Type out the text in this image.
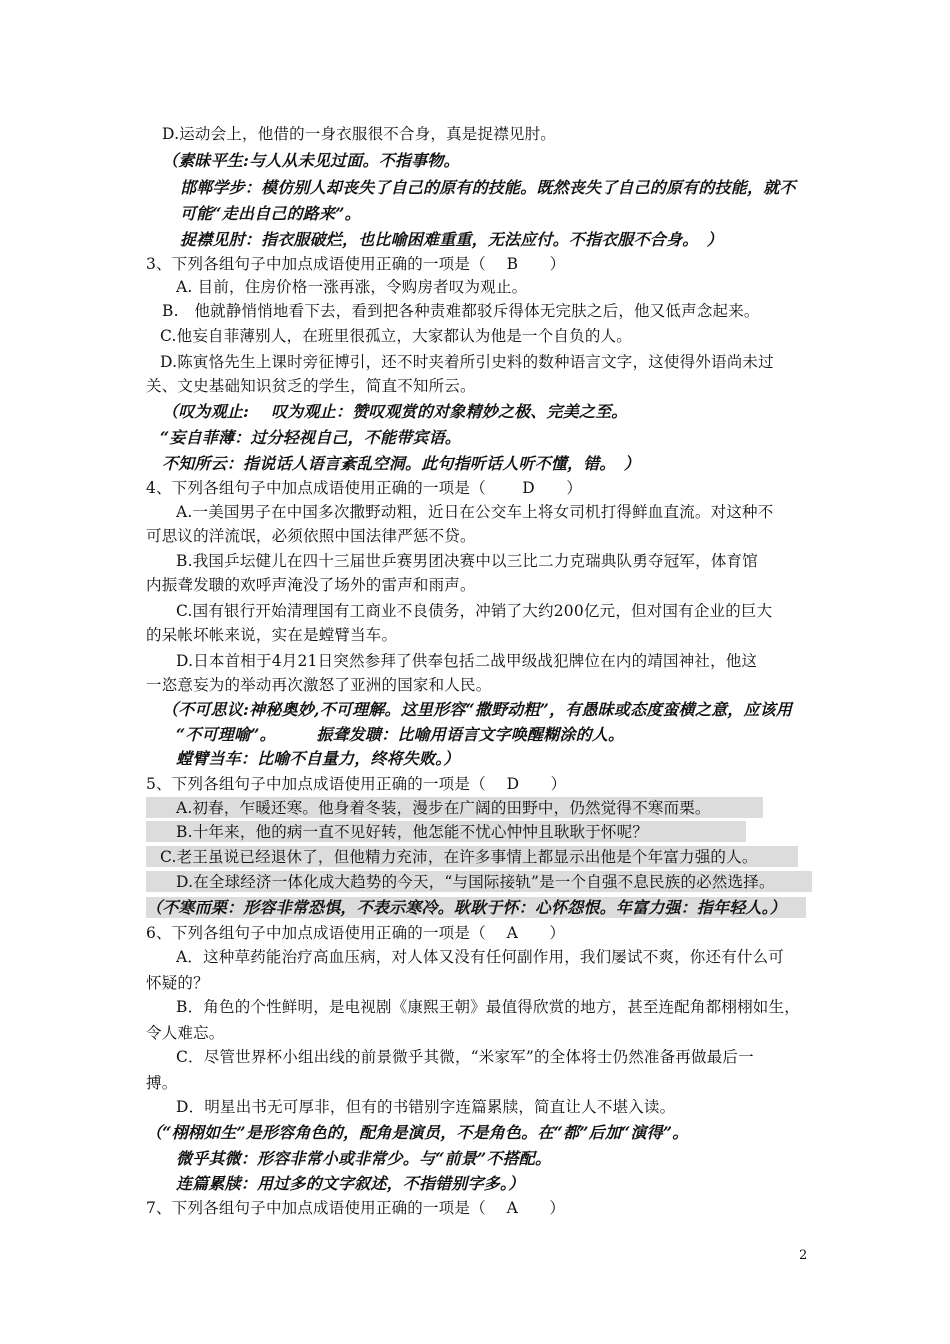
D.运动会上，他借的一身衣服很不合身，真是捉襟见肘。
（素昧平生:与人从未见过面。不指事物。
邯郸学步：模仿别人却丧失了自己的原有的技能。既然丧失了自己的原有的技能，就不
可能“走出自己的路来”。
捉襟见肘：指衣服破烂，也比喻困难重重，无法应付。不指衣服不合身。　）
3、下列各组句子中加点成语使用正确的一项是（　 B　　）
A. 目前，住房价格一涨再涨，令购房者叹为观止。
B.　他就静悄悄地看下去，看到把各种责难都驳斥得体无完肤之后，他又低声念起来。
C.他妄自菲薄别人，在班里很孤立，大家都认为他是一个自负的人。
D.陈寅恪先生上课时旁征博引，还不时夹着所引史料的数种语言文字，这使得外语尚未过
关、文史基础知识贫乏的学生，简直不知所云。
（叹为观止:　 叹为观止：赞叹观赏的对象精妙之极、完美之至。
“妄自菲薄：过分轻视自己，不能带宾语。
不知所云：指说话人语言紊乱空洞。此句指听话人听不懂，错。　）
4、下列各组句子中加点成语使用正确的一项是（　　 D　　）
A.一美国男子在中国多次撒野动粗，近日在公交车上将女司机打得鲜血直流。对这种不
可思议的洋流氓，必须依照中国法律严惩不贷。
B.我国乒坛健儿在四十三届世乒赛男团决赛中以三比二力克瑞典队勇夺冠军，体育馆
内振聋发聩的欢呼声淹没了场外的雷声和雨声。
C.国有银行开始清理国有工商业不良债务，冲销了大约200亿元，但对国有企业的巨大
的呆帐坏帐来说，实在是螳臂当车。
D.日本首相于4月21日突然参拜了供奉包括二战甲级战犯牌位在内的靖国神社，他这
一恣意妄为的举动再次激怒了亚洲的国家和人民。
（不可思议:神秘奥妙,不可理解。这里形容“撒野动粗”，有愚昧或态度蛮横之意，应该用
“不可理喻”。　　　振聋发聩：比喻用语言文字唤醒糊涂的人。
螳臂当车：比喻不自量力，终将失败。）
5、下列各组句子中加点成语使用正确的一项是（　 D　　）
A.初春，乍暖还寒。他身着冬装，漫步在广阔的田野中，仍然觉得不寒而栗。
B.十年来，他的病一直不见好转，他怎能不忧心忡忡且耿耿于怀呢？
C.老王虽说已经退休了，但他精力充沛，在许多事情上都显示出他是个年富力强的人。
D.在全球经济一体化成大趋势的今天，“与国际接轨”是一个自强不息民族的必然选择。
（不寒而栗：形容非常恐惧，不表示寒冷。耿耿于怀：心怀怨恨。年富力强：指年轻人。）
6、下列各组句子中加点成语使用正确的一项是（　 A　　）
A．这种草药能治疗高血压病，对人体又没有任何副作用，我们屡试不爽，你还有什么可
怀疑的？
B．角色的个性鲜明，是电视剧《康熙王朝》最值得欣赏的地方，甚至连配角都栩栩如生，
令人难忘。
C．尽管世界杯小组出线的前景微乎其微，“米家军”的全体将士仍然准备再做最后一
搏。
D．明星出书无可厚非，但有的书错别字连篇累牍，简直让人不堪入读。
（“栩栩如生”是形容角色的，配角是演员，不是角色。在“都”后加“演得”。
微乎其微：形容非常小或非常少。与“前景”不搭配。
连篇累牍：用过多的文字叙述，不指错别字多。）
7、下列各组句子中加点成语使用正确的一项是（　 A　　）
2
